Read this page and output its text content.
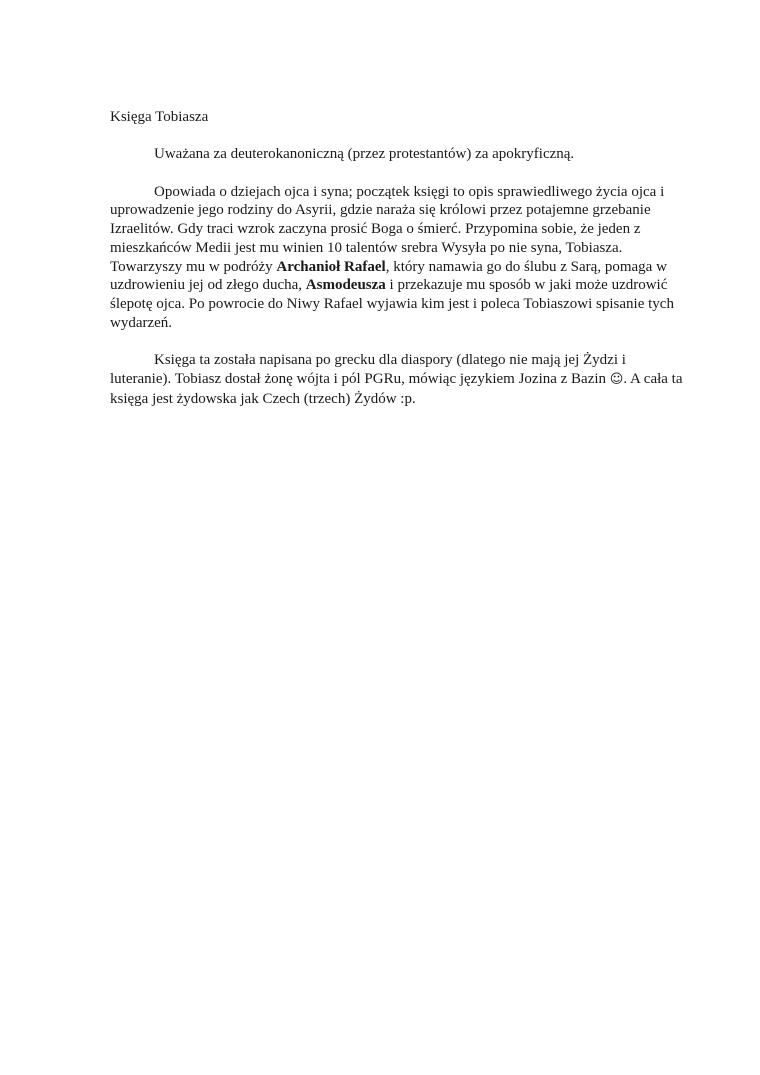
Księga Tobiasza

Uważana za deuterokanoniczną (przez protestantów) za apokryficzną.

Opowiada o dziejach ojca i syna; początek księgi to opis sprawiedliwego życia ojca i uprowadzenie jego rodziny do Asyrii, gdzie naraża się królowi przez potajemne grzebanie Izraelitów. Gdy traci wzrok zaczyna prosić Boga o śmierć. Przypomina sobie, że jeden z mieszkańców Medii jest mu winien 10 talentów srebra Wysyła po nie syna, Tobiasza. Towarzyszy mu w podróży Archanioł Rafael, który namawia go do ślubu z Sarą, pomaga w uzdrowieniu jej od złego ducha, Asmodeusza i przekazuje mu sposób w jaki może uzdrowić ślepotę ojca. Po powrocie do Niwy Rafael wyjawia kim jest i poleca Tobiaszowi spisanie tych wydarzeń.

Księga ta została napisana po grecku dla diaspory (dlatego nie mają jej Żydzi i luteranie). Tobiasz dostał żonę wójta i pól PGRu, mówiąc językiem Jozina z Bazin ☺. A cała ta księga jest żydowska jak Czech (trzech) Żydów :p.
